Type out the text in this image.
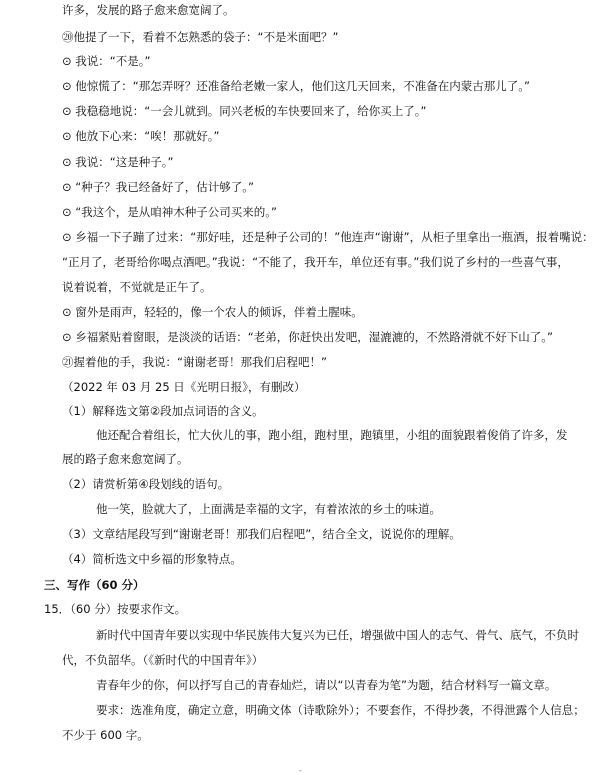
许多，发展的路子愈来愈宽阔了。
⑳他提了一下，看着不怎熟悉的袋子：“不是米面吧？”
⊙ 我说：“不是。”
⊙ 他惊慌了：“那怎弄呀？还准备给老嫩一家人，他们这几天回来，不准备在内蒙古那儿了。”
⊙ 我稳稳地说：“一会儿就到。同兴老板的车快要回来了，给你买上了。”
⊙ 他放下心来：“唉！那就好。”
⊙ 我说：“这是种子。”
⊙ “种子？我已经备好了，估计够了。”
⊙ “我这个，是从咱神木种子公司买来的。”
⊙ 乡福一下子蹦了过来：“那好哇，还是种子公司的！”他连声“谢谢”，从柜子里拿出一瓶酒，报着嘴说：
“正月了，老哥给你喝点酒吧。”我说：“不能了，我开车，单位还有事。”我们说了乡村的一些喜气事，
说着说着，不觉就是正午了。
⊙ 窗外是雨声，轻轻的，像一个农人的倾诉，伴着土腥味。
⊙ 乡福紧贴着窗眼，是淡淡的话语：“老弟，你赶快出发吧，湿漉漉的，不然路滑就不好下山了。”
㉑握着他的手，我说：“谢谢老哥！那我们启程吧！”
（2022 年 03 月 25 日《光明日报》，有删改）
（1）解释选文第②段加点词语的含义。
他还配合着组长，忙大伙儿的事，跑小组，跑村里，跑镇里，小组的面貌跟着俊俏了许多，发
展的路子愈来愈宽阔了。
（2）请赏析第④段划线的语句。
他一笑，脸就大了，上面满是幸福的文字，有着浓浓的乡土的味道。
（3）文章结尾段写到“谢谢老哥！那我们启程吧”，结合全文，说说你的理解。
（4）简析选文中乡福的形象特点。
三、写作（60 分）
15．（60 分）按要求作文。
新时代中国青年要以实现中华民族伟大复兴为已任，增强做中国人的志气、骨气、底气，不负时
代，不负韶华。（《新时代的中国青年》）
青春年少的你，何以抒写自己的青春灿烂，请以“以青春为笔”为题，结合材料写一篇文章。
要求：选准角度，确定立意，明确文体（诗歌除外）；不要套作，不得抄袭，不得泄露个人信息；
不少于 600 字。
-
